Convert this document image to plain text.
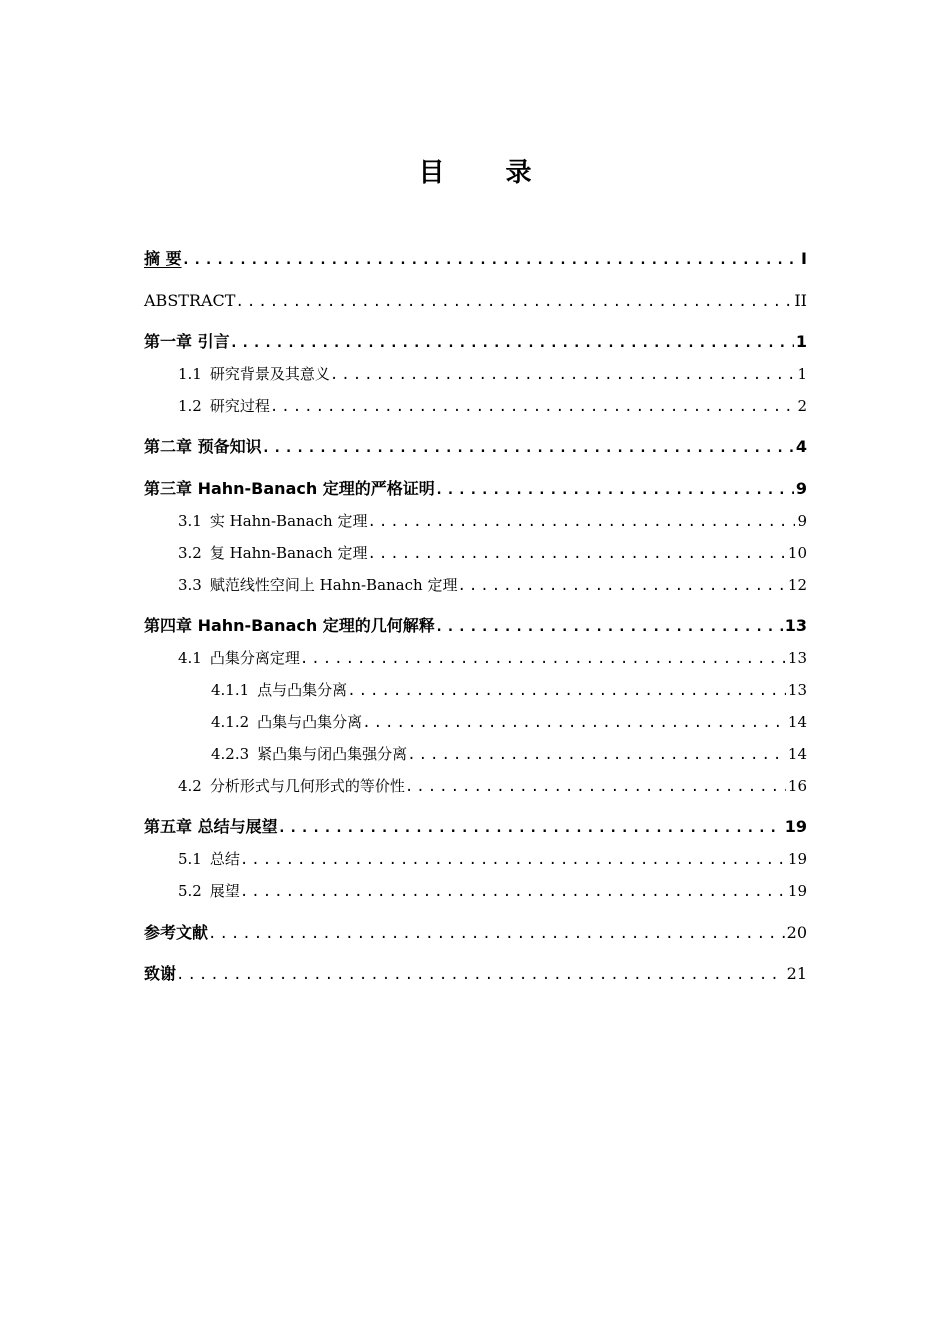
目 录
摘 要 .....	I
ABSTRACT .....	II
第一章 引言 .....	1
1.1 研究背景及其意义 .....	1
1.2 研究过程 .....	2
第二章 预备知识 .....	4
第三章 Hahn-Banach 定理的严格证明 .....	9
3.1 实 Hahn-Banach 定理 .....	9
3.2 复 Hahn-Banach 定理 .....	10
3.3 赋范线性空间上 Hahn-Banach 定理 .....	12
第四章 Hahn-Banach 定理的几何解释 .....	13
4.1 凸集分离定理 .....	13
4.1.1 点与凸集分离 .....	13
4.1.2 凸集与凸集分离 .....	14
4.2.3 紧凸集与闭凸集强分离 .....	14
4.2 分析形式与几何形式的等价性 .....	16
第五章 总结与展望 .....	19
5.1 总结 .....	19
5.2 展望 .....	19
参考文献 .....	20
致谢 .....	21
